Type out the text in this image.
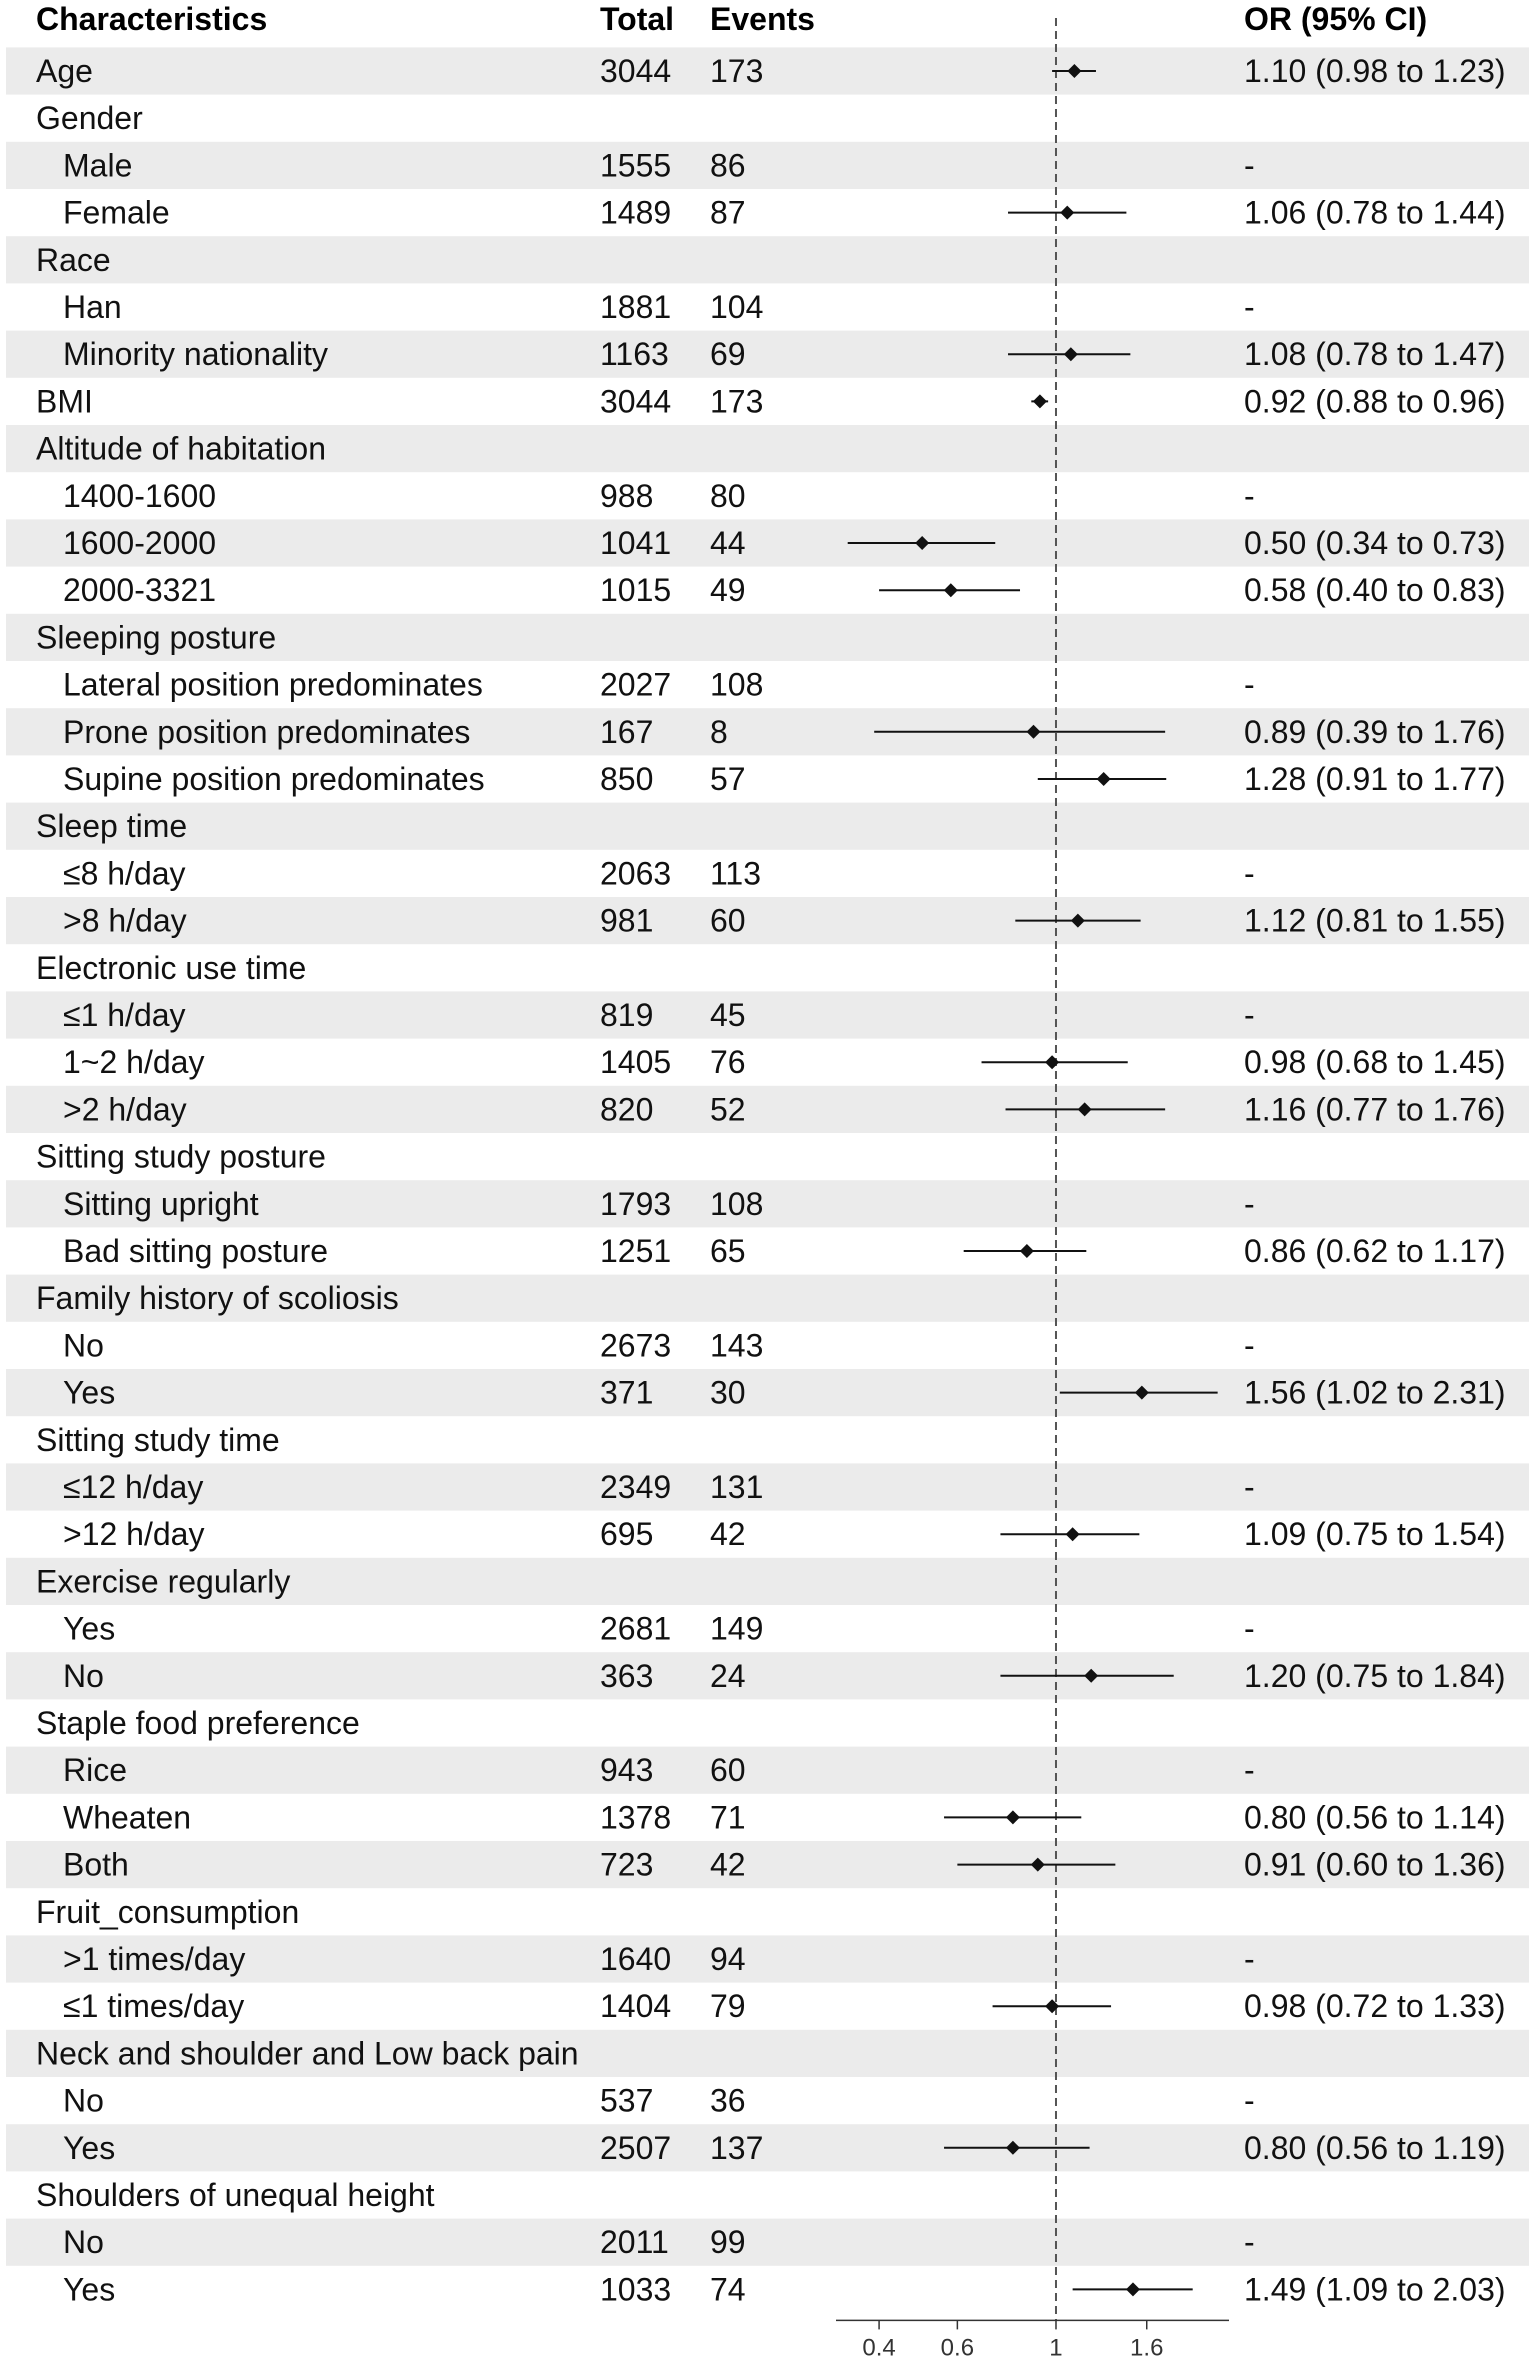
Characteristics	Total Events	OR (95% CI)
Age	3044 173	1.10 (0.98 to 1.23)
Gender
Male	1555 86	-
Female	1489 87	1.06 (0.78 to 1.44)
Race
Han	1881 104	-
Minority nationality	1163 69	1.08 (0.78 to 1.47)
BMI	3044 173	0.92 (0.88 to 0.96)
Altitude of habitation
1400-1600	988 80	-
1600-2000	1041 44	0.50 (0.34 to 0.73)
2000-3321	1015 49	0.58 (0.40 to 0.83)
Sleeping posture
Lateral position predominates	2027 108	-
Prone position predominates	167 8	0.89 (0.39 to 1.76)
Supine position predominates	850 57	1.28 (0.91 to 1.77)
Sleep time
≤8 h/day	2063 113	-
>8 h/day	981 60	1.12 (0.81 to 1.55)
Electronic use time
≤1 h/day	819 45	-
1~2 h/day	1405 76	0.98 (0.68 to 1.45)
>2 h/day	820 52	1.16 (0.77 to 1.76)
Sitting study posture
Sitting upright	1793 108	-
Bad sitting posture	1251 65	0.86 (0.62 to 1.17)
Family history of scoliosis
No	2673 143	-
Yes	371 30	1.56 (1.02 to 2.31)
Sitting study time
≤12 h/day	2349 131	-
>12 h/day	695 42	1.09 (0.75 to 1.54)
Exercise regularly
Yes	2681 149	-
No	363 24	1.20 (0.75 to 1.84)
Staple food preference
Rice	943 60	-
Wheaten	1378 71	0.80 (0.56 to 1.14)
Both	723 42	0.91 (0.60 to 1.36)
Fruit_consumption
>1 times/day	1640 94	-
≤1 times/day	1404 79	0.98 (0.72 to 1.33)
Neck and shoulder and Low back pain
No	537 36	-
Yes	2507 137	0.80 (0.56 to 1.19)
Shoulders of unequal height
No	2011 99	-
Yes	1033 74	1.49 (1.09 to 2.03)
0.4 0.6	1	1.6
